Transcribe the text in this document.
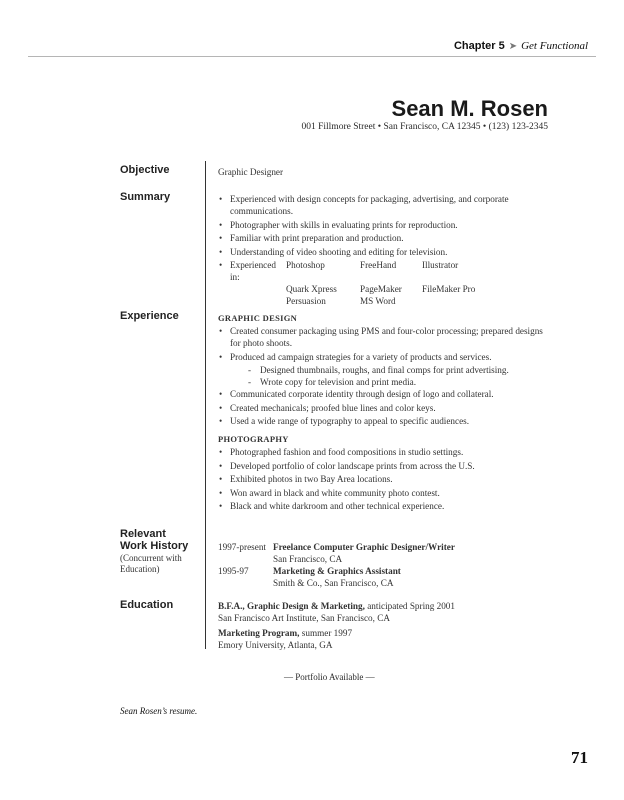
Chapter 5 ➤ Get Functional
Sean M. Rosen
001 Fillmore Street • San Francisco, CA 12345 • (123) 123-2345
Objective	Graphic Designer
Summary
•	Experienced with design concepts for packaging, advertising, and corporate communications.
• Photographer with skills in evaluating prints for reproduction.
• Familiar with print preparation and production.
• Understanding of video shooting and editing for television.
• Experienced in:
Photoshop	FreeHand	Illustrator
Quark Xpress	PageMaker	FileMaker Pro
Persuasion	MS Word
Experience	GRAPHIC DESIGN
• Created consumer packaging using PMS and four-color processing; prepared designs for photo shoots.
• Produced ad campaign strategies for a variety of products and services.
- Designed thumbnails, roughs, and final comps for print advertising.
- Wrote copy for television and print media.
• Communicated corporate identity through design of logo and collateral.
• Created mechanicals; proofed blue lines and color keys.
• Used a wide range of typography to appeal to specific audiences.
PHOTOGRAPHY
• Photographed fashion and food compositions in studio settings.
• Developed portfolio of color landscape prints from across the U.S.
• Exhibited photos in two Bay Area locations.
• Won award in black and white community photo contest.
• Black and white darkroom and other technical experience.
Relevant
Work History
(Concurrent with
Education)
1997-present Freelance Computer Graphic Designer/Writer
San Francisco, CA
1995-97	Marketing & Graphics Assistant
Smith & Co., San Francisco, CA
Education	B.F.A., Graphic Design & Marketing, anticipated Spring 2001
San Francisco Art Institute, San Francisco, CA
Marketing Program, summer 1997
Emory University, Atlanta, GA
— Portfolio Available —
Sean Rosen’s resume.
71
